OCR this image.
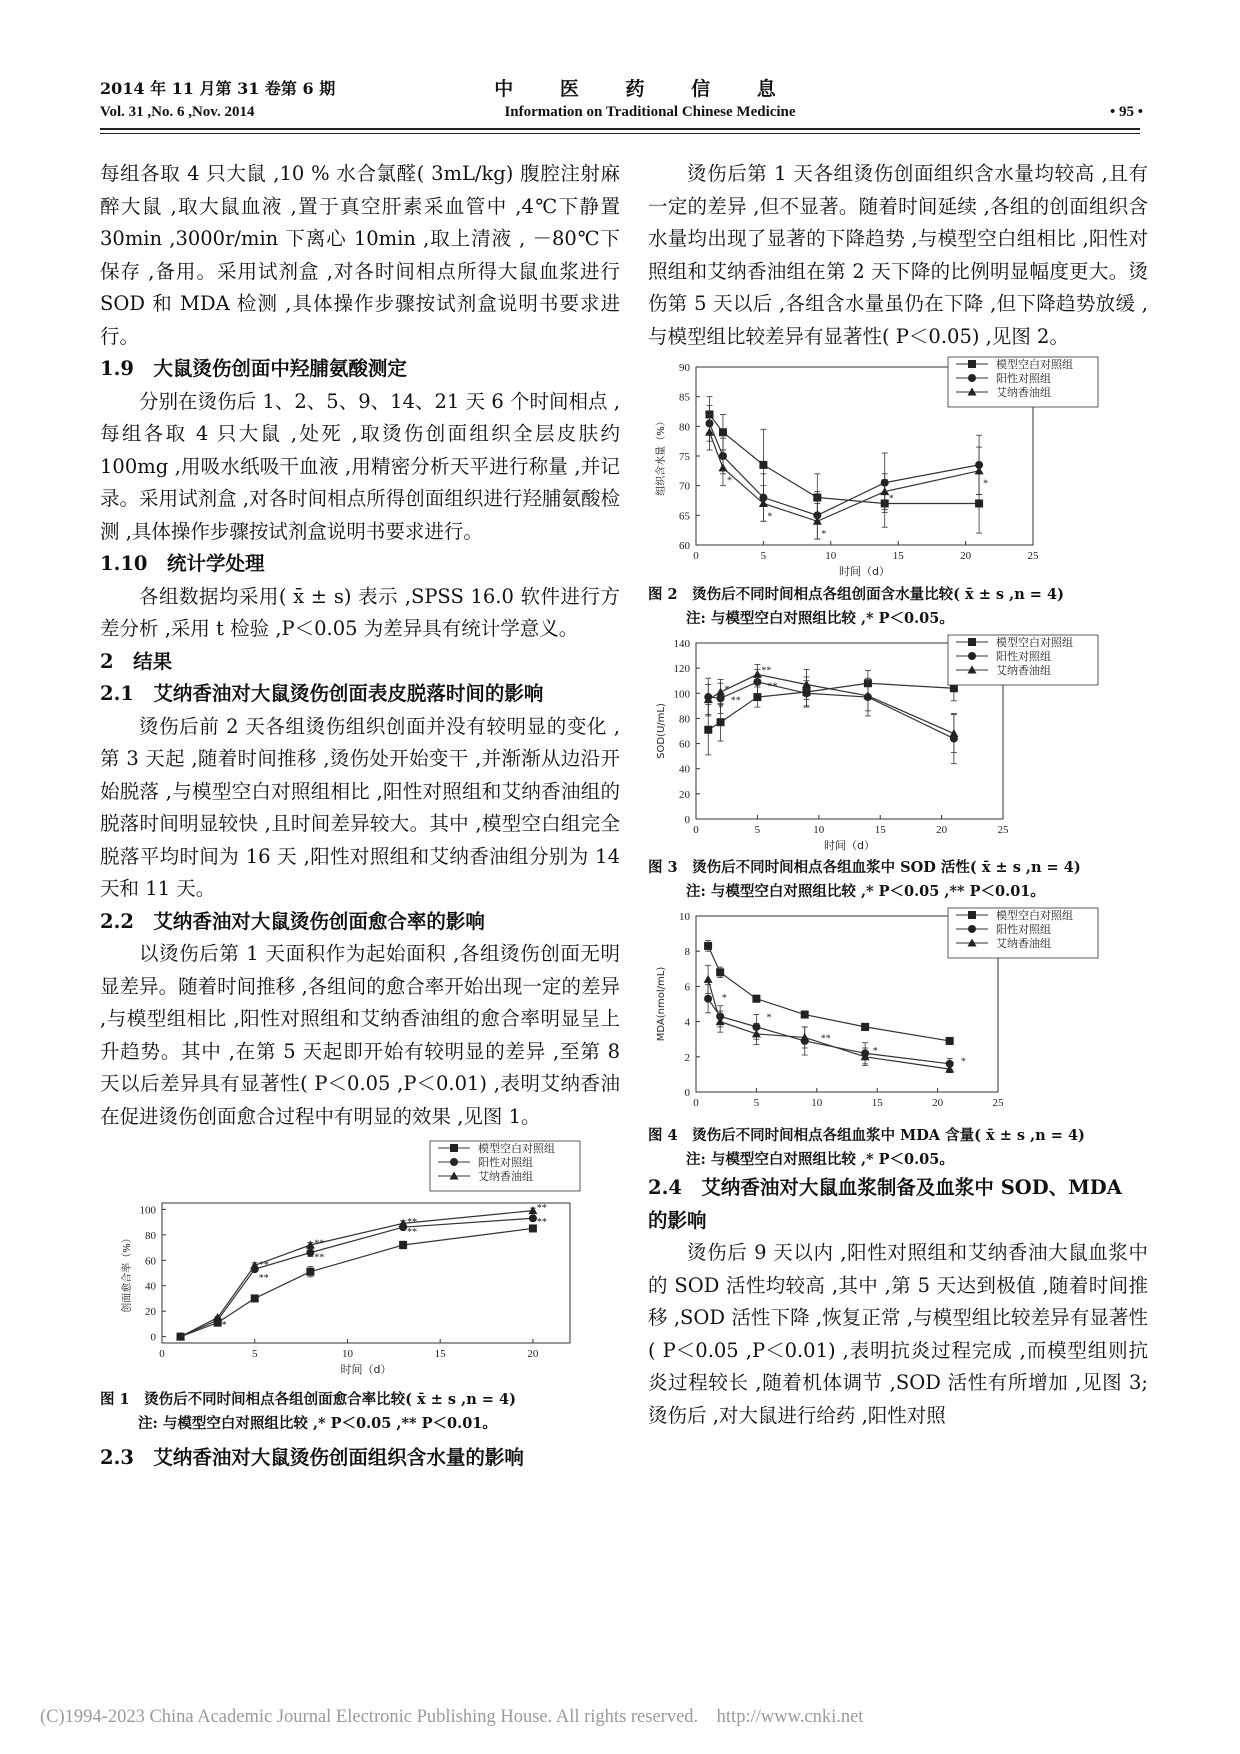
2014 年 11 月第 31 卷第 6 期
Vol. 31 ,No. 6 ,Nov. 2014
中 医 药 信 息
Information on Traditional Chinese Medicine	• 95 •

每组各取 4 只大鼠 ,10 % 水合氯醛( 3mL/kg) 腹腔注射麻醉大鼠 ,取大鼠血液 ,置于真空肝素采血管中 ,4℃下静置 30min ,3000r/min 下离心 10min ,取上清液 , －80℃下保存 ,备用。采用试剂盒 ,对各时间相点所得大鼠血浆进行 SOD 和 MDA 检测 ,具体操作步骤按试剂盒说明书要求进行。

1.9　大鼠烫伤创面中羟脯氨酸测定

分别在烫伤后 1、2、5、9、14、21 天 6 个时间相点 ,每组各取 4 只大鼠 ,处死 ,取烫伤创面组织全层皮肤约 100mg ,用吸水纸吸干血液 ,用精密分析天平进行称量 ,并记录。采用试剂盒 ,对各时间相点所得创面组织进行羟脯氨酸检测 ,具体操作步骤按试剂盒说明书要求进行。

1.10　统计学处理

各组数据均采用( x̄ ± s) 表示 ,SPSS 16.0 软件进行方差分析 ,采用 t 检验 ,P＜0.05 为差异具有统计学意义。

2　结果

2.1　艾纳香油对大鼠烫伤创面表皮脱落时间的影响

烫伤后前 2 天各组烫伤组织创面并没有较明显的变化 ,第 3 天起 ,随着时间推移 ,烫伤处开始变干 ,并渐渐从边沿开始脱落 ,与模型空白对照组相比 ,阳性对照组和艾纳香油组的脱落时间明显较快 ,且时间差异较大。其中 ,模型空白组完全脱落平均时间为 16 天 ,阳性对照组和艾纳香油组分别为 14 天和 11 天。

2.2　艾纳香油对大鼠烫伤创面愈合率的影响

以烫伤后第 1 天面积作为起始面积 ,各组烫伤创面无明显差异。随着时间推移 ,各组间的愈合率开始出现一定的差异 ,与模型组相比 ,阳性对照组和艾纳香油组的愈合率明显呈上升趋势。其中 ,在第 5 天起即开始有较明显的差异 ,至第 8 天以后差异具有显著性( P＜0.05 ,P＜0.01) ,表明艾纳香油在促进烫伤创面愈合过程中有明显的效果 ,见图 1。

0	5	10	15	20
0
20
40
60
80
100
时间（d）
创面愈合率（%）
*
**
**
**
**
**
**
**
**
模型空白对照组
阳性对照组
艾纳香油组

图 1　烫伤后不同时间相点各组创面愈合率比较( x̄ ± s ,n = 4)

注: 与模型空白对照组比较 ,* P＜0.05 ,** P＜0.01。

2.3　艾纳香油对大鼠烫伤创面组织含水量的影响

烫伤后第 1 天各组烫伤创面组织含水量均较高 ,且有一定的差异 ,但不显著。随着时间延续 ,各组的创面组织含水量均出现了显著的下降趋势 ,与模型空白组相比 ,阳性对照组和艾纳香油组在第 2 天下降的比例明显幅度更大。烫伤第 5 天以后 ,各组含水量虽仍在下降 ,但下降趋势放缓 ,与模型组比较差异有显著性( P＜0.05) ,见图 2。

0	5	10	15	20	25
60
65
70
75
80
85
90
时间（d）
组织含水量（%）	*
*
*
*
*
模型空白对照组
阳性对照组
艾纳香油组

图 2　烫伤后不同时间相点各组创面含水量比较( x̄ ± s ,n = 4)

注: 与模型空白对照组比较 ,* P＜0.05。

0	5	10	15	20	25
0
20
40
60
80
100
120
140
时间（d）
SOD(U/mL)	*
*
**
**
**
模型空白对照组
阳性对照组
艾纳香油组

图 3　烫伤后不同时间相点各组血浆中 SOD 活性( x̄ ± s ,n = 4)

注: 与模型空白对照组比较 ,* P＜0.05 ,** P＜0.01。

0	5	10	15	20	25
0
2
4
6
8
10
MDA(nmol/mL)	*
*
**
*
*
模型空白对照组
阳性对照组
艾纳香油组

图 4　烫伤后不同时间相点各组血浆中 MDA 含量( x̄ ± s ,n = 4)

注: 与模型空白对照组比较 ,* P＜0.05。

2.4　艾纳香油对大鼠血浆制备及血浆中 SOD、MDA 的影响

烫伤后 9 天以内 ,阳性对照组和艾纳香油大鼠血浆中的 SOD 活性均较高 ,其中 ,第 5 天达到极值 ,随着时间推移 ,SOD 活性下降 ,恢复正常 ,与模型组比较差异有显著性( P＜0.05 ,P＜0.01) ,表明抗炎过程完成 ,而模型组则抗炎过程较长 ,随着机体调节 ,SOD 活性有所增加 ,见图 3; 烫伤后 ,对大鼠进行给药 ,阳性对照

(C)1994-2023 China Academic Journal Electronic Publishing House. All rights reserved.　http://www.cnki.net
